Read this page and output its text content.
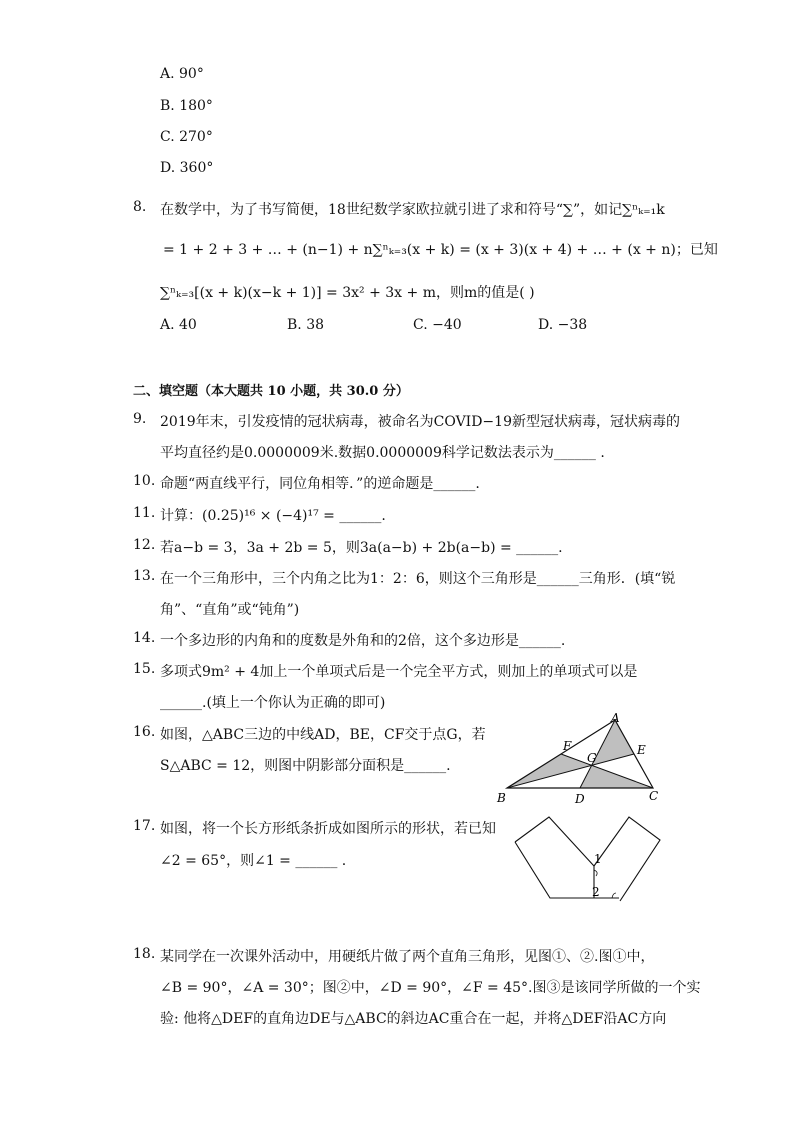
A. 90°
B. 180°
C. 270°
D. 360°
8. 在数学中，为了书写简便，18世纪数学家欧拉就引进了求和符号“∑”，如记∑ⁿₖ₌₁k
= 1 + 2 + 3 + … + (n−1) + n∑ⁿₖ₌₃(x + k) = (x + 3)(x + 4) + … + (x + n)；已知
∑ⁿₖ₌₃[(x + k)(x−k + 1)] = 3x² + 3x + m，则m的值是( )
A. 40	B. 38	C. −40	D. −38
二、填空题（本大题共 10 小题，共 30.0 分）
9. 2019年末，引发疫情的冠状病毒，被命名为COVID−19新型冠状病毒，冠状病毒的
平均直径约是0.0000009米.数据0.0000009科学记数法表示为______ .
10. 命题“两直线平行，同位角相等．”的逆命题是______.
11. 计算：(0.25)¹⁶ × (−4)¹⁷ = ______.
12. 若a−b = 3，3a + 2b = 5，则3a(a−b) + 2b(a−b) = ______.
13. 在一个三角形中，三个内角之比为1：2：6，则这个三角形是______三角形．(填“锐
角”、“直角”或“钝角”)
14. 一个多边形的内角和的度数是外角和的2倍，这个多边形是______.
15. 多项式9m² + 4加上一个单项式后是一个完全平方式，则加上的单项式可以是
______.(填上一个你认为正确的即可)
16. 如图，△ABC三边的中线AD，BE，CF交于点G，若
S△ABC = 12，则图中阴影部分面积是______.
A
B	C
D
E
F
G
17. 如图，将一个长方形纸条折成如图所示的形状，若已知
∠2 = 65°，则∠1 = ______ .	1
2
18. 某同学在一次课外活动中，用硬纸片做了两个直角三角形，见图①、②.图①中，
∠B = 90°，∠A = 30°；图②中，∠D = 90°，∠F = 45°.图③是该同学所做的一个实
验: 他将△DEF的直角边DE与△ABC的斜边AC重合在一起，并将△DEF沿AC方向
